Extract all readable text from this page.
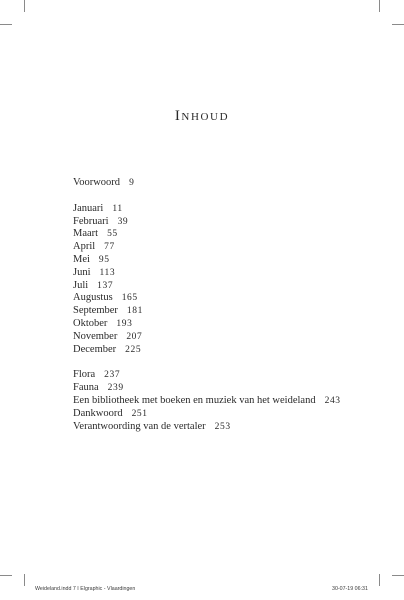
Inhoud
Voorwoord 9
Januari 11
Februari 39
Maart 55
April 77
Mei 95
Juni 113
Juli 137
Augustus 165
September 181
Oktober 193
November 207
December 225
Flora 237
Fauna 239
Een bibliotheek met boeken en muziek van het weideland 243
Dankwoord 251
Verantwoording van de vertaler 253
Weideland.indd 7 I Elgraphic - Vlaardingen	30-07-19 06:31
